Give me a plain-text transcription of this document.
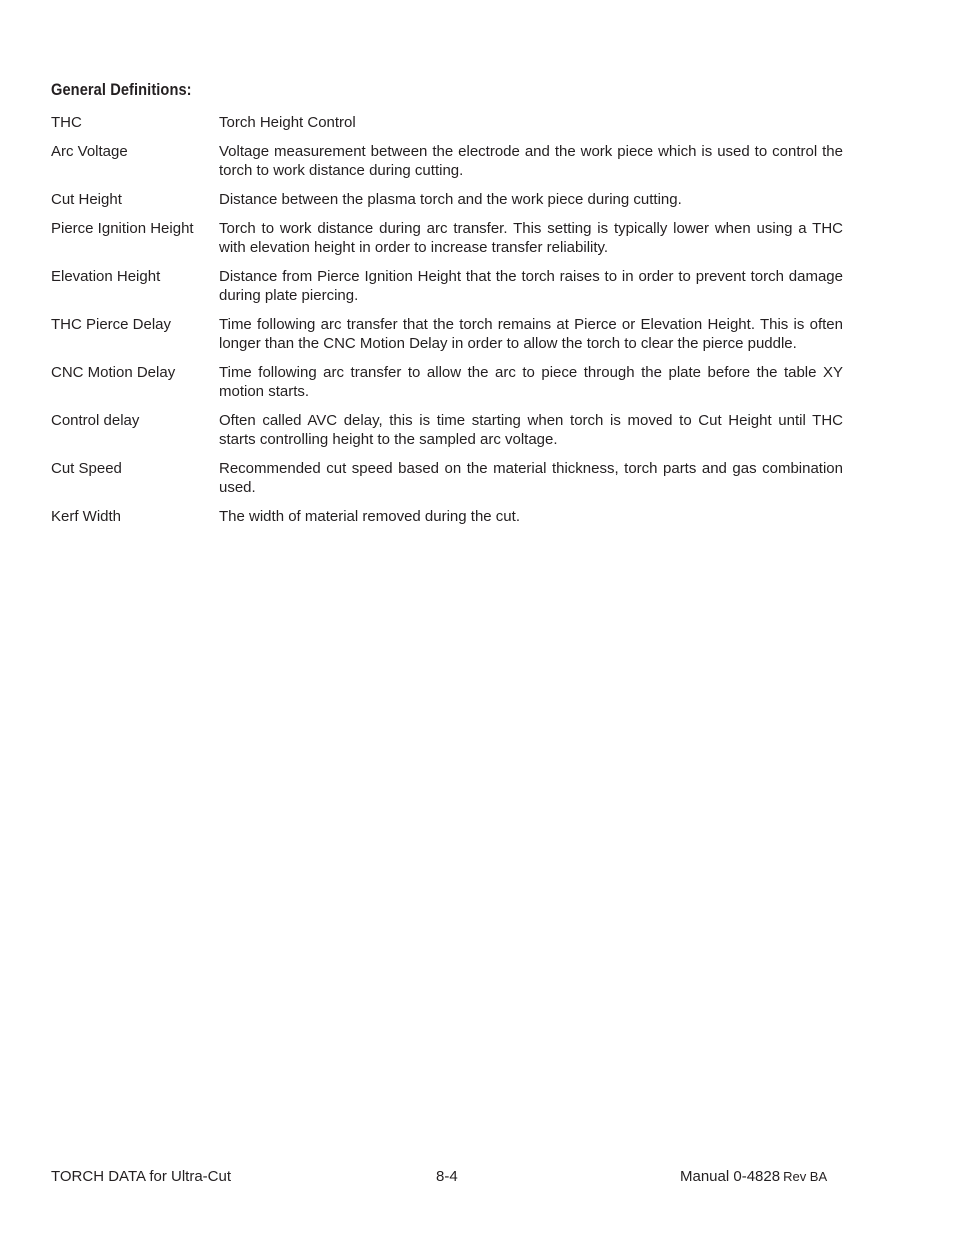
General Definitions:
THC	Torch Height Control
Arc Voltage	Voltage measurement between the electrode and the work piece which is used to control the torch to work distance during cutting.
Cut Height	Distance between the plasma torch and the work piece during cutting.
Pierce Ignition Height	Torch to work distance during arc transfer. This setting is typically lower when using a THC with elevation height in order to increase transfer reliability.
Elevation Height	Distance from Pierce Ignition Height that the torch raises to in order to prevent torch damage during plate piercing.
THC Pierce Delay	Time following arc transfer that the torch remains at Pierce or Elevation Height. This is often longer than the CNC Motion Delay in order to allow the torch to clear the pierce puddle.
CNC Motion Delay	Time following arc transfer to allow the arc to piece through the plate before the table XY motion starts.
Control delay	Often called AVC delay, this is time starting when torch is moved to Cut Height until THC starts controlling height to the sampled arc voltage.
Cut Speed	Recommended cut speed based on the material thickness, torch parts and gas combination used.
Kerf Width	The width of material removed during the cut.
TORCH DATA for Ultra-Cut	8-4	Manual 0-4828 Rev BA
